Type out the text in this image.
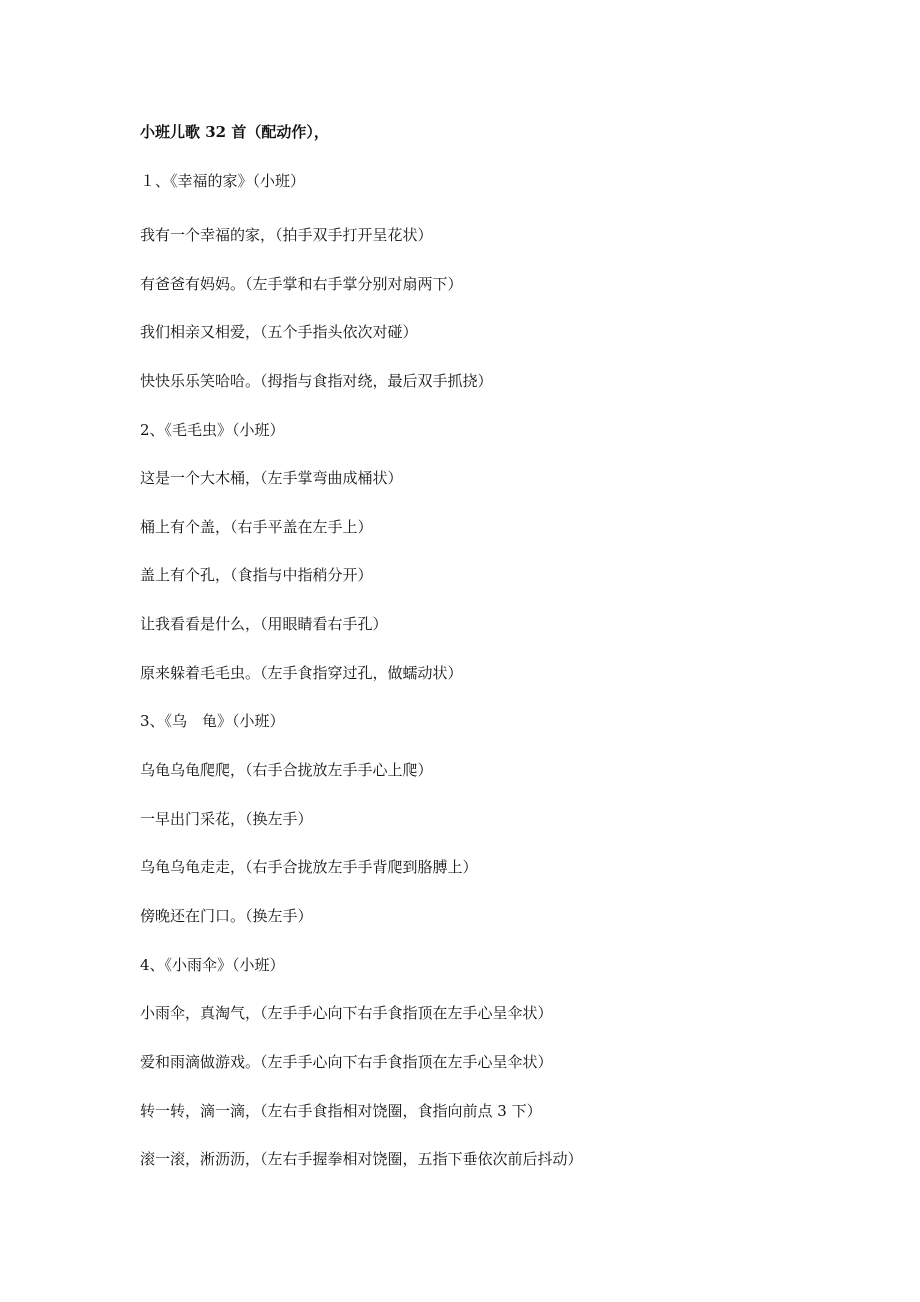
小班儿歌 32 首（配动作），
１、《幸福的家》（小班）
我有一个幸福的家，（拍手双手打开呈花状）
有爸爸有妈妈。（左手掌和右手掌分别对扇两下）
我们相亲又相爱，（五个手指头依次对碰）
快快乐乐笑哈哈。（拇指与食指对绕，最后双手抓挠）
2、《毛毛虫》（小班）
这是一个大木桶，（左手掌弯曲成桶状）
桶上有个盖，（右手平盖在左手上）
盖上有个孔，（食指与中指稍分开）
让我看看是什么，（用眼睛看右手孔）
原来躲着毛毛虫。（左手食指穿过孔，做蠕动状）
3、《乌　龟》（小班）
乌龟乌龟爬爬，（右手合拢放左手手心上爬）
一早出门采花，（换左手）
乌龟乌龟走走，（右手合拢放左手手背爬到胳膊上）
傍晚还在门口。（换左手）
4、《小雨伞》（小班）
小雨伞，真淘气，（左手手心向下右手食指顶在左手心呈伞状）
爱和雨滴做游戏。（左手手心向下右手食指顶在左手心呈伞状）
转一转，滴一滴，（左右手食指相对饶圈，食指向前点 3 下）
滚一滚，淅沥沥，（左右手握拳相对饶圈，五指下垂依次前后抖动）
